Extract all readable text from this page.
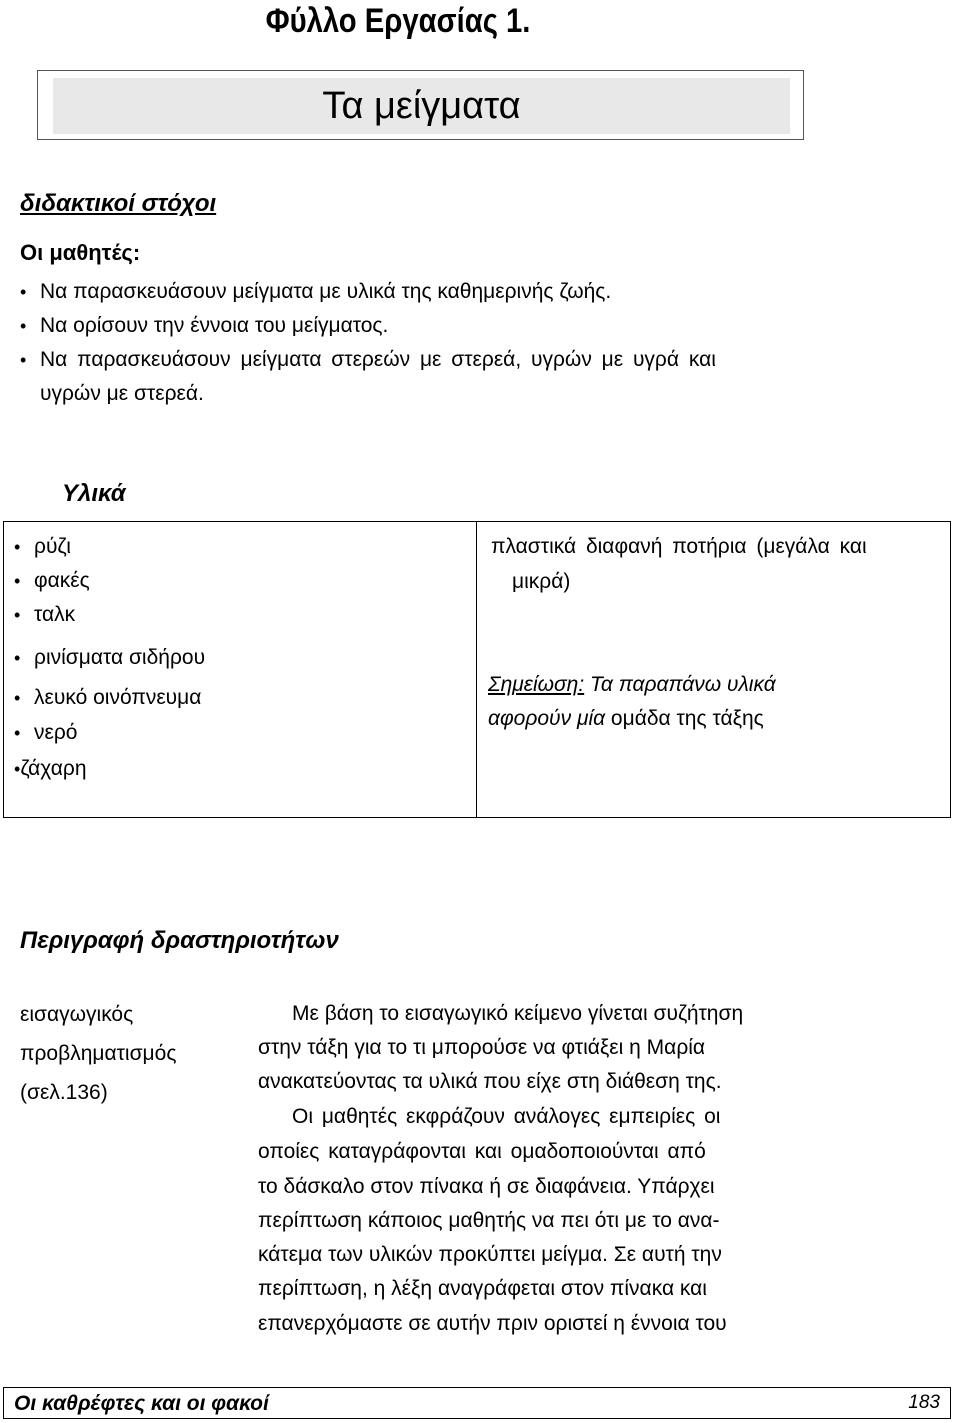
Φύλλο Εργασίας 1.
Τα μείγματα
διδακτικοί στόχοι
Οι μαθητές:
• Να παρασκευάσουν μείγματα με υλικά της καθημερινής ζωής.
• Να ορίσουν την έννοια του μείγματος.
• Να παρασκευάσουν μείγματα στερεών με στερεά, υγρών με υγρά και
υγρών με στερεά.
Υλικά
• ρύζι
• φακές
• ταλκ
• ρινίσματα σιδήρου
• λευκό οινόπνευμα
• νερό
•ζάχαρη
πλαστικά διαφανή ποτήρια (μεγάλα και
μικρά)
Σημείωση: Τα παραπάνω υλικά
αφορούν μία ομάδα της τάξης
Περιγραφή δραστηριοτήτων
εισαγωγικός
προβληματισμός
(σελ.136)
Με βάση το εισαγωγικό κείμενο γίνεται συζήτηση
στην τάξη για το τι μπορούσε να φτιάξει η Μαρία
ανακατεύοντας τα υλικά που είχε στη διάθεση της.
Οι μαθητές εκφράζουν ανάλογες εμπειρίες οι
οποίες καταγράφονται και ομαδοποιούνται από
το δάσκαλο στον πίνακα ή σε διαφάνεια. Υπάρχει
περίπτωση κάποιος μαθητής να πει ότι με το ανα-
κάτεμα των υλικών προκύπτει μείγμα. Σε αυτή την
περίπτωση, η λέξη αναγράφεται στον πίνακα και
επανερχόμαστε σε αυτήν πριν οριστεί η έννοια του
Οι καθρέφτες και οι φακοί	183
